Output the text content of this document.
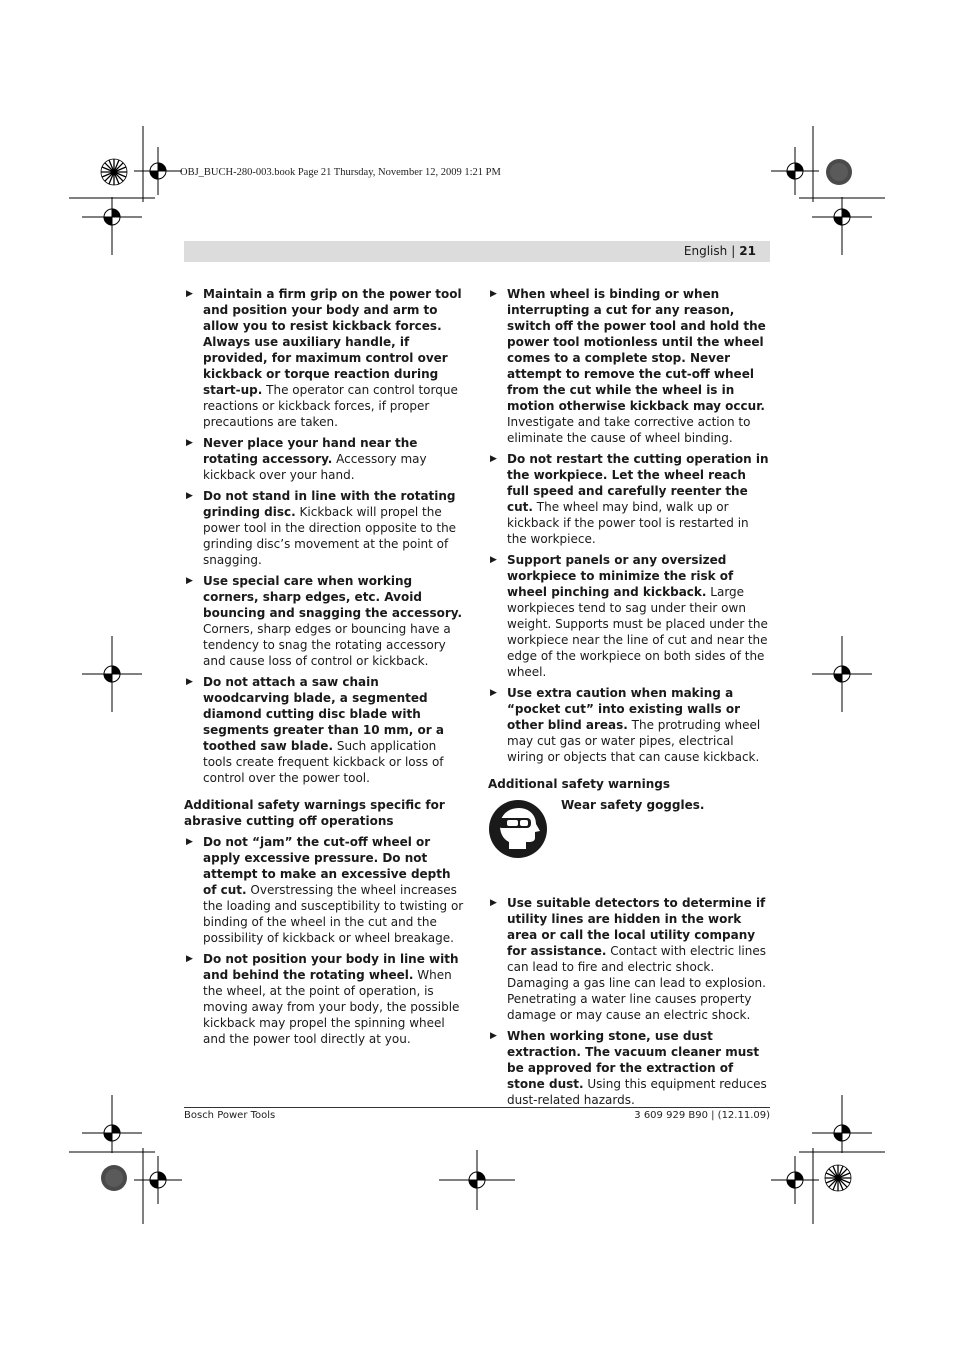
OBJ_BUCH-280-003.book Page 21 Thursday, November 12, 2009 1:21 PM
English | 21
▶ Maintain a firm grip on the power tool and position your body and arm to allow you to resist kickback forces. Always use auxiliary handle, if provided, for maximum control over kickback or torque reaction during start-up. The operator can control torque reactions or kickback forces, if proper precautions are taken.
▶ Never place your hand near the rotating accessory. Accessory may kickback over your hand.
▶ Do not stand in line with the rotating grinding disc. Kickback will propel the power tool in the direction opposite to the grinding disc’s movement at the point of snagging.
▶ Use special care when working corners, sharp edges, etc. Avoid bouncing and snagging the accessory. Corners, sharp edges or bouncing have a tendency to snag the rotating accessory and cause loss of control or kickback.
▶ Do not attach a saw chain woodcarving blade, a segmented diamond cutting disc blade with segments greater than 10 mm, or a toothed saw blade. Such application tools create frequent kickback or loss of control over the power tool.
Additional safety warnings specific for abrasive cutting off operations
▶ Do not “jam” the cut-off wheel or apply excessive pressure. Do not attempt to make an excessive depth of cut. Overstressing the wheel increases the loading and susceptibility to twisting or binding of the wheel in the cut and the possibility of kickback or wheel breakage.
▶ Do not position your body in line with and behind the rotating wheel. When the wheel, at the point of operation, is moving away from your body, the possible kickback may propel the spinning wheel and the power tool directly at you.
▶ When wheel is binding or when interrupting a cut for any reason, switch off the power tool and hold the power tool motionless until the wheel comes to a complete stop. Never attempt to remove the cut-off wheel from the cut while the wheel is in motion otherwise kickback may occur. Investigate and take corrective action to eliminate the cause of wheel binding.
▶ Do not restart the cutting operation in the workpiece. Let the wheel reach full speed and carefully reenter the cut. The wheel may bind, walk up or kickback if the power tool is restarted in the workpiece.
▶ Support panels or any oversized workpiece to minimize the risk of wheel pinching and kickback. Large workpieces tend to sag under their own weight. Supports must be placed under the workpiece near the line of cut and near the edge of the workpiece on both sides of the wheel.
▶ Use extra caution when making a “pocket cut” into existing walls or other blind areas. The protruding wheel may cut gas or water pipes, electrical wiring or objects that can cause kickback.
Additional safety warnings
Wear safety goggles.
▶ Use suitable detectors to determine if utility lines are hidden in the work area or call the local utility company for assistance. Contact with electric lines can lead to fire and electric shock. Damaging a gas line can lead to explosion. Penetrating a water line causes property damage or may cause an electric shock.
▶ When working stone, use dust extraction. The vacuum cleaner must be approved for the extraction of stone dust. Using this equipment reduces dust-related hazards.
Bosch Power Tools	3 609 929 B90 | (12.11.09)
